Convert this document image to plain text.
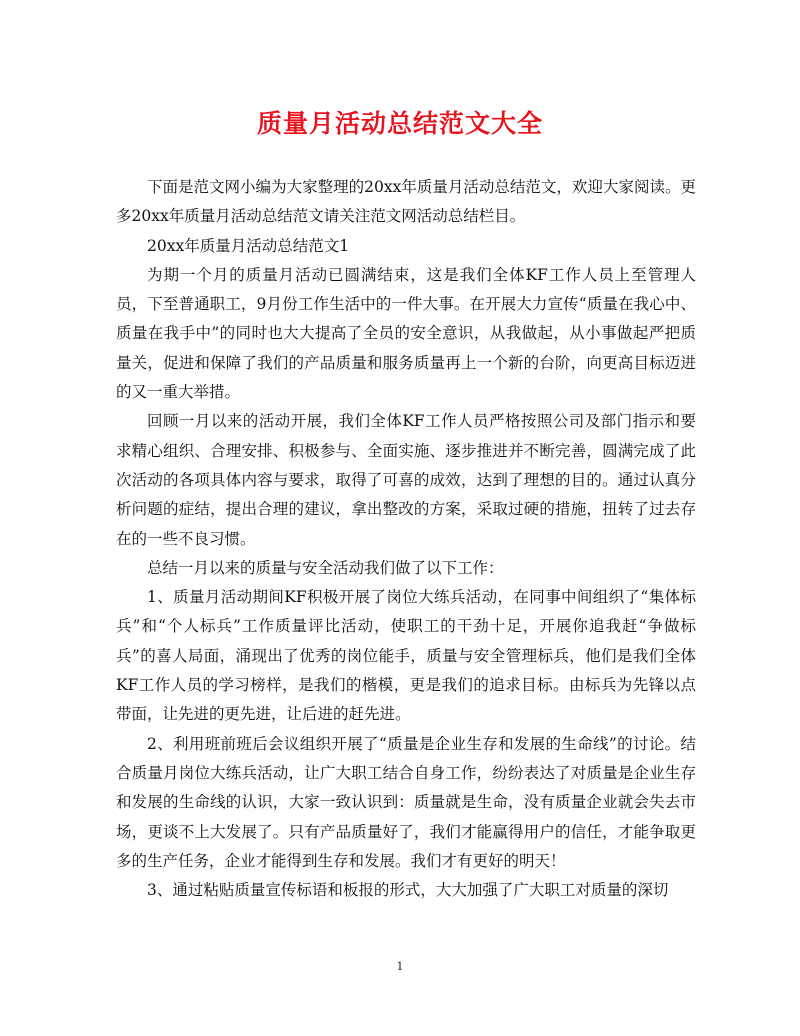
质量月活动总结范文大全

下面是范文网小编为大家整理的20xx年质量月活动总结范文，欢迎大家阅读。更多20xx年质量月活动总结范文请关注范文网活动总结栏目。

20xx年质量月活动总结范文1

为期一个月的质量月活动已圆满结束，这是我们全体KF工作人员上至管理人员，下至普通职工，9月份工作生活中的一件大事。在开展大力宣传“质量在我心中、质量在我手中”的同时也大大提高了全员的安全意识，从我做起，从小事做起严把质量关，促进和保障了我们的产品质量和服务质量再上一个新的台阶，向更高目标迈进的又一重大举措。

回顾一月以来的活动开展，我们全体KF工作人员严格按照公司及部门指示和要求精心组织、合理安排、积极参与、全面实施、逐步推进并不断完善，圆满完成了此次活动的各项具体内容与要求，取得了可喜的成效，达到了理想的目的。通过认真分析问题的症结，提出合理的建议，拿出整改的方案，采取过硬的措施，扭转了过去存在的一些不良习惯。

总结一月以来的质量与安全活动我们做了以下工作：

1、质量月活动期间KF积极开展了岗位大练兵活动，在同事中间组织了“集体标兵”和“个人标兵”工作质量评比活动，使职工的干劲十足，开展你追我赶“争做标兵”的喜人局面，涌现出了优秀的岗位能手，质量与安全管理标兵，他们是我们全体KF工作人员的学习榜样，是我们的楷模，更是我们的追求目标。由标兵为先锋以点带面，让先进的更先进，让后进的赶先进。

2、利用班前班后会议组织开展了“质量是企业生存和发展的生命线”的讨论。结合质量月岗位大练兵活动，让广大职工结合自身工作，纷纷表达了对质量是企业生存和发展的生命线的认识，大家一致认识到：质量就是生命，没有质量企业就会失去市场，更谈不上大发展了。只有产品质量好了，我们才能赢得用户的信任，才能争取更多的生产任务，企业才能得到生存和发展。我们才有更好的明天！

3、通过粘贴质量宣传标语和板报的形式，大大加强了广大职工对质量的深切

1
